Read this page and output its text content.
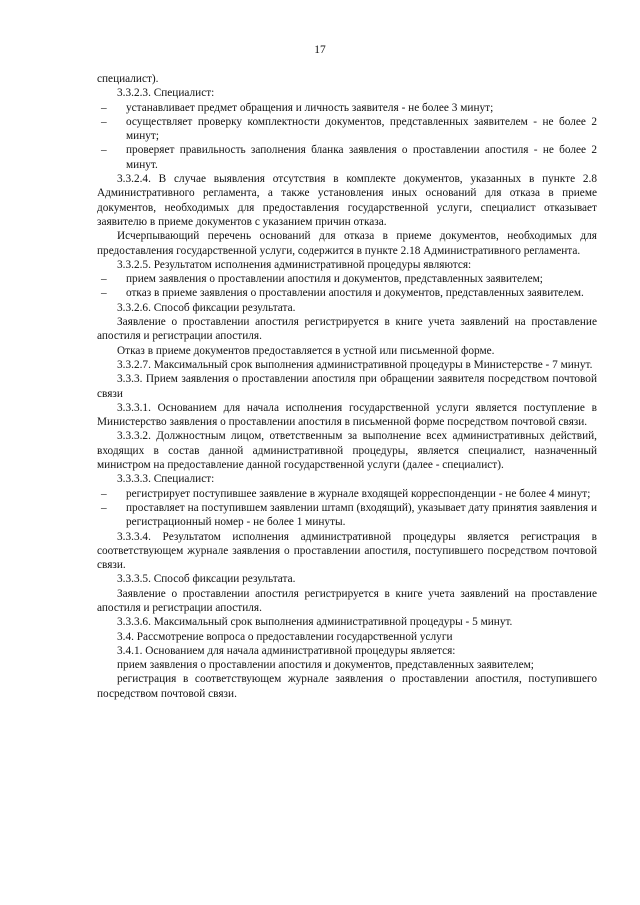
17

специалист).

3.3.2.3. Специалист:

–	устанавливает предмет обращения и личность заявителя - не более 3 минут;
–	осуществляет проверку комплектности документов, представленных заявителем - не более 2 минут;
–	проверяет правильность заполнения бланка заявления о проставлении апостиля - не более 2 минут.

3.3.2.4. В случае выявления отсутствия в комплекте документов, указанных в пункте 2.8 Административного регламента, а также установления иных оснований для отказа в приеме документов, необходимых для предоставления государственной услуги, специалист отказывает заявителю в приеме документов с указанием причин отказа.

Исчерпывающий перечень оснований для отказа в приеме документов, необходимых для предоставления государственной услуги, содержится в пункте 2.18 Административного регламента.

3.3.2.5. Результатом исполнения административной процедуры являются:

–	прием заявления о проставлении апостиля и документов, представленных заявителем;
–	отказ в приеме заявления о проставлении апостиля и документов, представленных заявителем.

3.3.2.6. Способ фиксации результата.

Заявление о проставлении апостиля регистрируется в книге учета заявлений на проставление апостиля и регистрации апостиля.

Отказ в приеме документов предоставляется в устной или письменной форме.

3.3.2.7. Максимальный срок выполнения административной процедуры в Министерстве - 7 минут.

3.3.3. Прием заявления о проставлении апостиля при обращении заявителя посредством почтовой связи

3.3.3.1. Основанием для начала исполнения государственной услуги является поступление в Министерство заявления о проставлении апостиля в письменной форме посредством почтовой связи.

3.3.3.2. Должностным лицом, ответственным за выполнение всех административных действий, входящих в состав данной административной процедуры, является специалист, назначенный министром на предоставление данной государственной услуги (далее - специалист).

3.3.3.3. Специалист:

–	регистрирует поступившее заявление в журнале входящей корреспонденции - не более 4 минут;
–	проставляет на поступившем заявлении штамп (входящий), указывает дату принятия заявления и регистрационный номер - не более 1 минуты.

3.3.3.4. Результатом исполнения административной процедуры является регистрация в соответствующем журнале заявления о проставлении апостиля, поступившего посредством почтовой связи.

3.3.3.5. Способ фиксации результата.

Заявление о проставлении апостиля регистрируется в книге учета заявлений на проставление апостиля и регистрации апостиля.

3.3.3.6. Максимальный срок выполнения административной процедуры - 5 минут.

3.4. Рассмотрение вопроса о предоставлении государственной услуги

3.4.1. Основанием для начала административной процедуры является:

прием заявления о проставлении апостиля и документов, представленных заявителем;

регистрация в соответствующем журнале заявления о проставлении апостиля, поступившего посредством почтовой связи.
